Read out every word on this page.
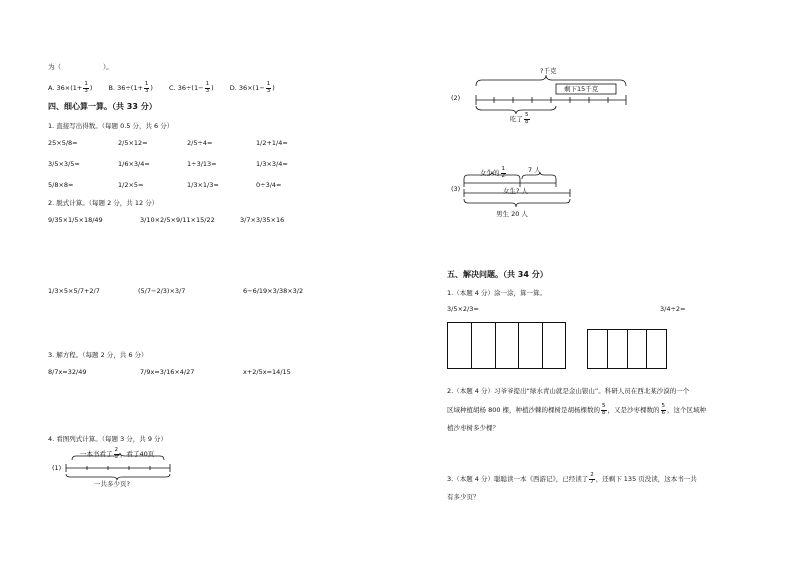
为（	）。
A. $36\times(1+ \frac{1}{3}$ ) B. $36\div(1+ \frac{1}{3}$ ) C. $36\div(1- \frac{1}{3}$ ) D. $36\times(1- \frac{1}{3}$ )
四、细心算一算。（共 33 分）
1. 直接写出得数。（每题 0.5 分，共 6 分）
25×5/8=	2/5×12=	2/5÷4=	1/2+1/4=
3/5×3/5=	1/6×3/4=	1÷3/13=	1/3×3/4=
5/8×8=	1/2×5=	1/3×1/3=	0÷3/4=
2. 脱式计算。（每题 2 分，共 12 分）
9/35×1/5×18/49	3/10×2/5×9/11×15/22	3/7×3/35×16
1/3×5×5/7+2/7	(5/7−2/3)×3/7	6−6/19×3/38×3/2
3. 解方程。（每题 2 分，共 6 分）
8/7x=32/49	7/9x=3/16×4/27	x+2/5x=14/15
4. 看图列式计算。（每题 3 分，共 9 分）
一本书看了 $\frac{2}{5}$ ，看了40页
(1)
一共多少页?
?千克
(2)
剩下15千克
吃了 $\frac{5}{8}$
(3)
女生的 $\frac{1}{2}$	7 人
女生? 人
男生 20 人
五、解决问题。（共 34 分）
1.（本题 4 分）涂一涂，算一算。
3/5×2/3=	3/4÷2=
2.（本题 4 分）习爷爷提出“绿水青山就是金山银山”。科研人员在西北某沙漠的一个
区域种植胡杨 800 棵，种植沙棘的棵树是胡杨棵数的 $\frac{5}{8}$ ，又是沙枣棵数的 $\frac{5}{6}$ ，这个区域种
植沙枣树多少棵？
3.（本题 4 分）聪聪读一本《西游记》，已经读了 $\frac{2}{7}$ ，还剩下 135 页没读，这本书一共
有多少页？
